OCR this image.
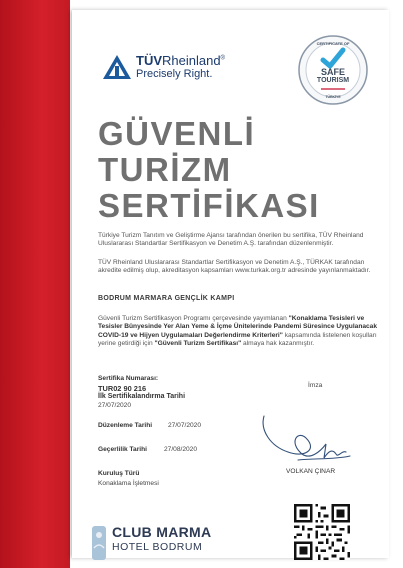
TÜVRheinland®
Precisely Right.
CERTIFICATE OF
SAFE
TOURISM
TÜRKİYE
GÜVENLİ
TURİZM
SERTİFİKASI
Türkiye Turizm Tanıtım ve Geliştirme Ajansı tarafından önerilen bu sertifika, TÜV Rheinland Uluslararası Standartlar Sertifikasyon ve Denetim A.Ş. tarafından düzenlenmiştir.
TÜV Rheinland Uluslararası Standartlar Sertifikasyon ve Denetim A.Ş., TÜRKAK tarafından akredite edilmiş olup, akreditasyon kapsamları www.turkak.org.tr adresinde yayınlanmaktadır.
BODRUM MARMARA GENÇLİK KAMPI
Güvenli Turizm Sertifikasyon Programı çerçevesinde yayımlanan "Konaklama Tesisleri ve Tesisler Bünyesinde Yer Alan Yeme & İçme Ünitelerinde Pandemi Süresince Uygulanacak COVID-19 ve Hijyen Uygulamaları Değerlendirme Kriterleri" kapsamında listelenen koşulları yerine getirdiği için "Güvenli Turizm Sertifikası" almaya hak kazanmıştır.
Sertifika Numarası:
TUR02 90 216
İlk Sertifikalandırma Tarihi
27/07/2020
Düzenleme Tarihi 27/07/2020
Geçerlilik Tarihi	27/08/2020
Kuruluş Türü
Konaklama İşletmesi
İmza
VOLKAN ÇINAR
CLUB MARMA
HOTEL BODRUM
